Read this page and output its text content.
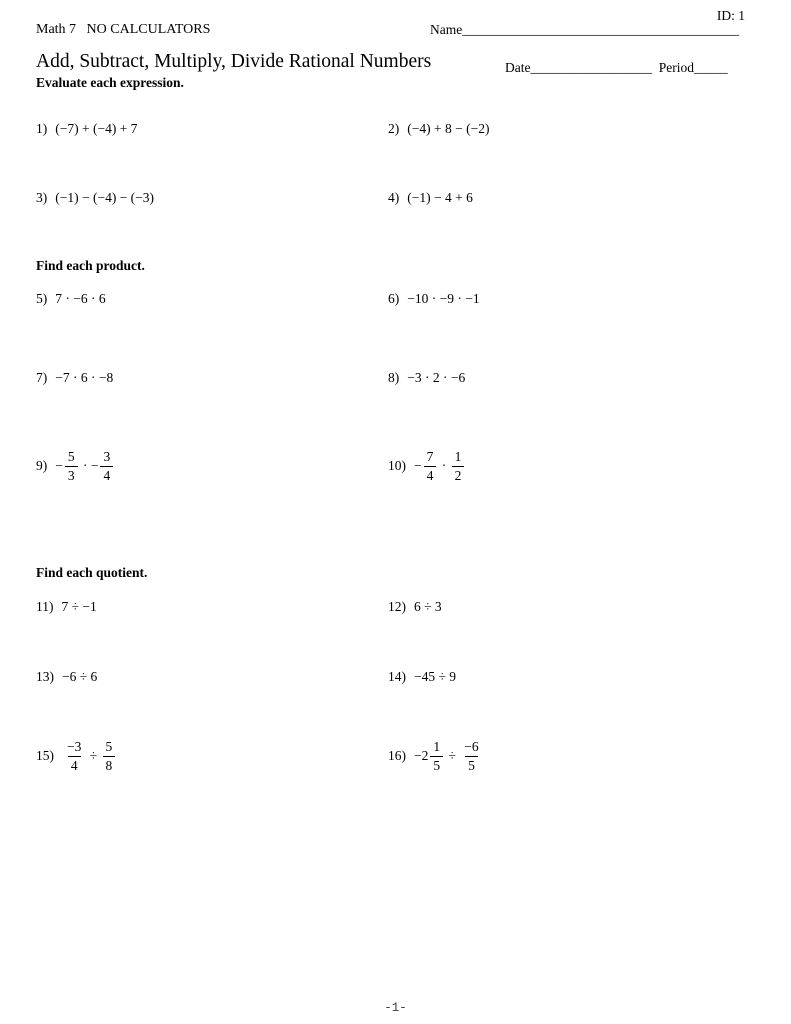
ID: 1
Math 7   NO CALCULATORS	Name_________________________________________
Add, Subtract, Multiply, Divide Rational Numbers	Date__________________  Period_____
Evaluate each expression.
1) (−7) + (−4) + 7	2) (−4) + 8 − (−2)
3) (−1) − (−4) − (−3)	4) (−1) − 4 + 6
Find each product.
5) 7 · −6 · 6	6) −10 · −9 · −1
7) −7 · 6 · −8	8) −3 · 2 · −6
$9) - \frac{5}{3}$ · − $\frac{3}{4}$	$10) - \frac{7}{4} \cdot \frac{1}{2}$
Find each quotient.
11) 7 ÷ −1	12) 6 ÷ 3
13) −6 ÷ 6	14) −45 ÷ 9
$15) \frac{-3}{4} \div \frac{5}{8}$	$16) -2 \frac{1}{5} \div \frac{-6}{5}$
-1-
